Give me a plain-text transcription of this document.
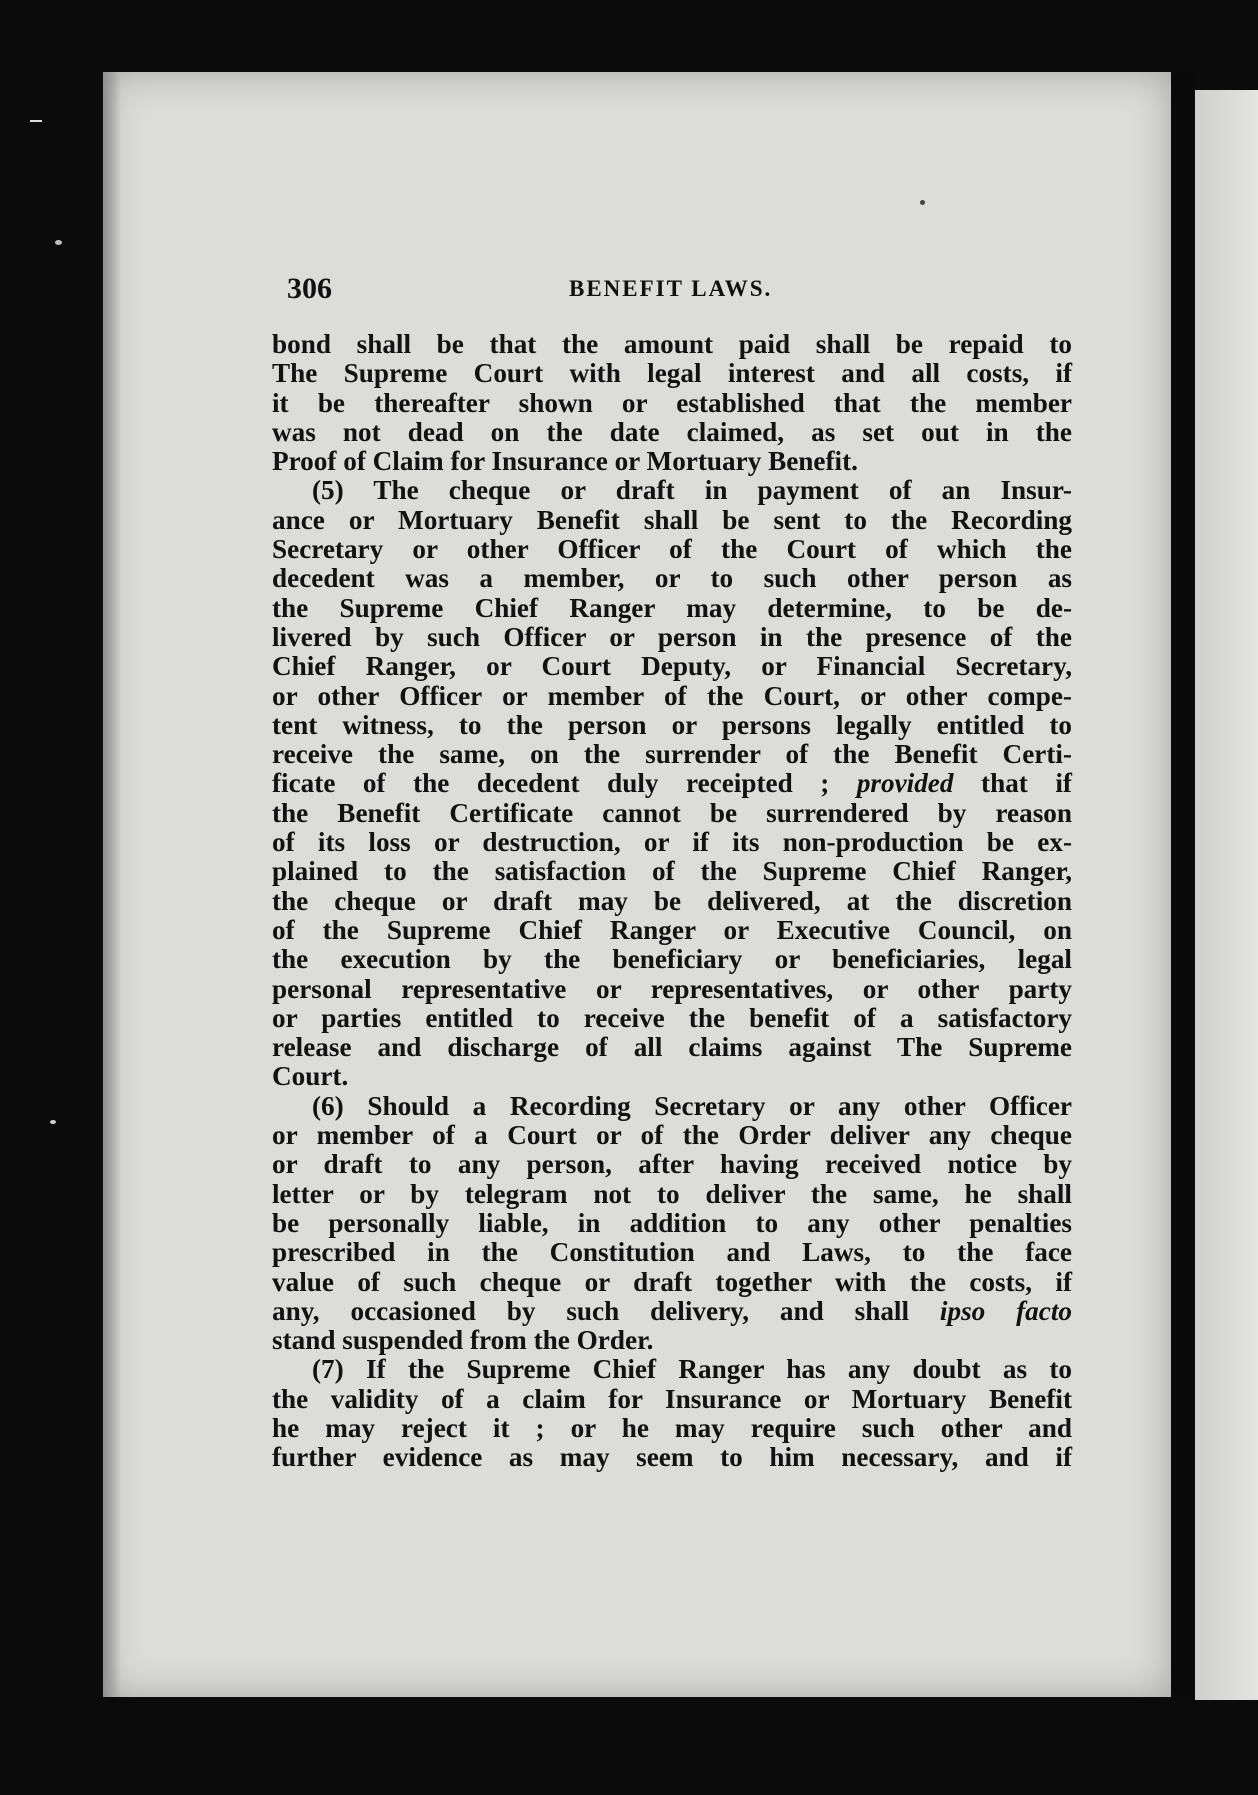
306	BENEFIT LAWS.
bond shall be that the amount paid shall be repaid to
The Supreme Court with legal interest and all costs, if
it be thereafter shown or established that the member
was not dead on the date claimed, as set out in the
Proof of Claim for Insurance or Mortuary Benefit.
(5) The cheque or draft in payment of an Insur-
ance or Mortuary Benefit shall be sent to the Recording
Secretary or other Officer of the Court of which the
decedent was a member, or to such other person as
the Supreme Chief Ranger may determine, to be de-
livered by such Officer or person in the presence of the
Chief Ranger, or Court Deputy, or Financial Secretary,
or other Officer or member of the Court, or other compe-
tent witness, to the person or persons legally entitled to
receive the same, on the surrender of the Benefit Certi-
ficate of the decedent duly receipted ; provided that if
the Benefit Certificate cannot be surrendered by reason
of its loss or destruction, or if its non-production be ex-
plained to the satisfaction of the Supreme Chief Ranger,
the cheque or draft may be delivered, at the discretion
of the Supreme Chief Ranger or Executive Council, on
the execution by the beneficiary or beneficiaries, legal
personal representative or representatives, or other party
or parties entitled to receive the benefit of a satisfactory
release and discharge of all claims against The Supreme
Court.
(6) Should a Recording Secretary or any other Officer
or member of a Court or of the Order deliver any cheque
or draft to any person, after having received notice by
letter or by telegram not to deliver the same, he shall
be personally liable, in addition to any other penalties
prescribed in the Constitution and Laws, to the face
value of such cheque or draft together with the costs, if
any, occasioned by such delivery, and shall ipso facto
stand suspended from the Order.
(7) If the Supreme Chief Ranger has any doubt as to
the validity of a claim for Insurance or Mortuary Benefit
he may reject it ; or he may require such other and
further evidence as may seem to him necessary, and if
